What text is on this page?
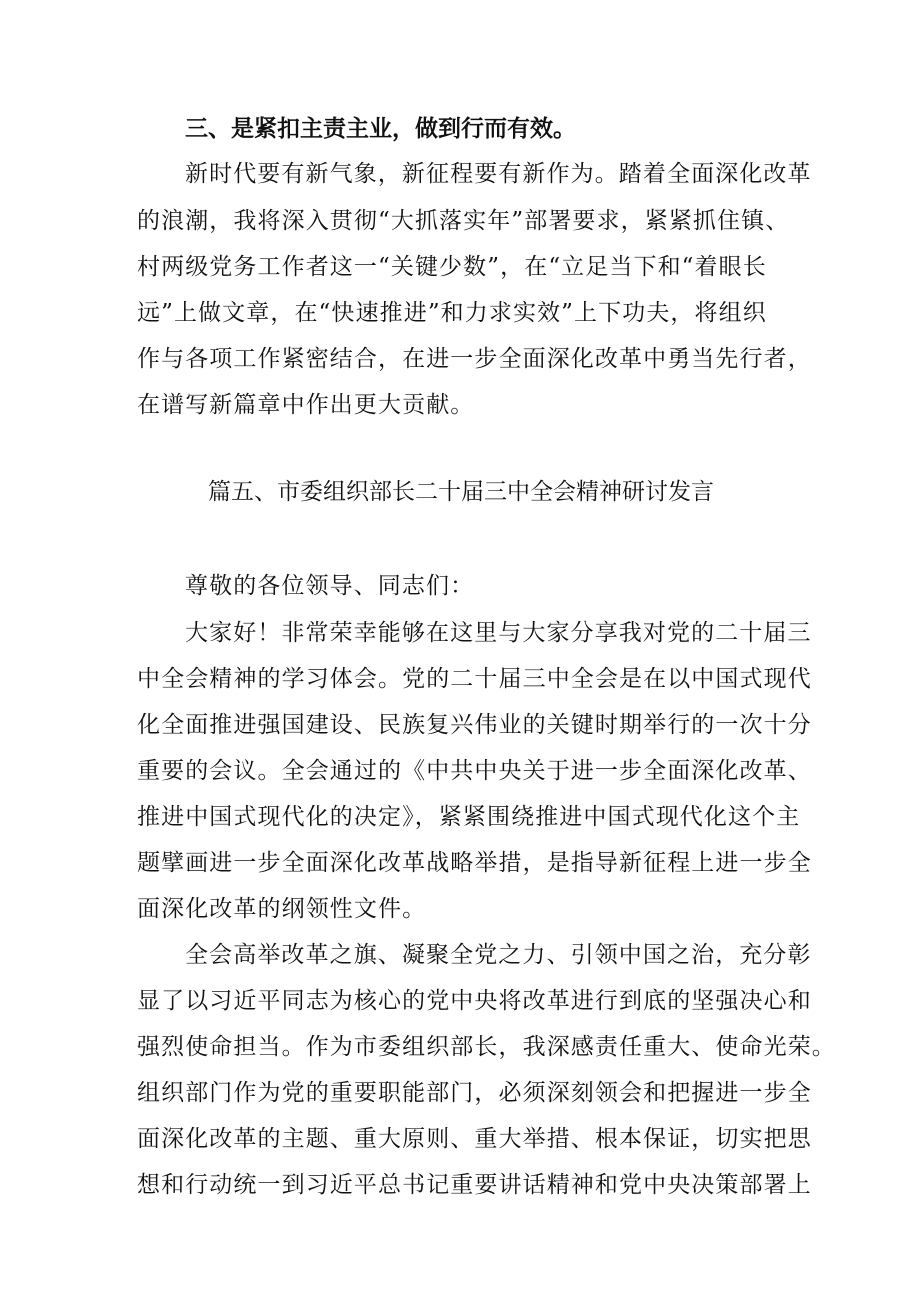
三、是紧扣主责主业，做到行而有效。
新时代要有新气象，新征程要有新作为。踏着全面深化改革
的浪潮，我将深入贯彻“大抓落实年”部署要求，紧紧抓住镇、
村两级党务工作者这一“关键少数”，在“立足当下和“着眼长
远”上做文章，在“快速推进”和力求实效”上下功夫，将组织
作与各项工作紧密结合，在进一步全面深化改革中勇当先行者，
在谱写新篇章中作出更大贡献。
篇五、市委组织部长二十届三中全会精神研讨发言
尊敬的各位领导、同志们：
大家好！非常荣幸能够在这里与大家分享我对党的二十届三
中全会精神的学习体会。党的二十届三中全会是在以中国式现代
化全面推进强国建设、民族复兴伟业的关键时期举行的一次十分
重要的会议。全会通过的《中共中央关于进一步全面深化改革、
推进中国式现代化的决定》，紧紧围绕推进中国式现代化这个主
题擘画进一步全面深化改革战略举措，是指导新征程上进一步全
面深化改革的纲领性文件。
全会高举改革之旗、凝聚全党之力、引领中国之治，充分彰
显了以习近平同志为核心的党中央将改革进行到底的坚强决心和
强烈使命担当。作为市委组织部长，我深感责任重大、使命光荣。
组织部门作为党的重要职能部门，必须深刻领会和把握进一步全
面深化改革的主题、重大原则、重大举措、根本保证，切实把思
想和行动统一到习近平总书记重要讲话精神和党中央决策部署上
